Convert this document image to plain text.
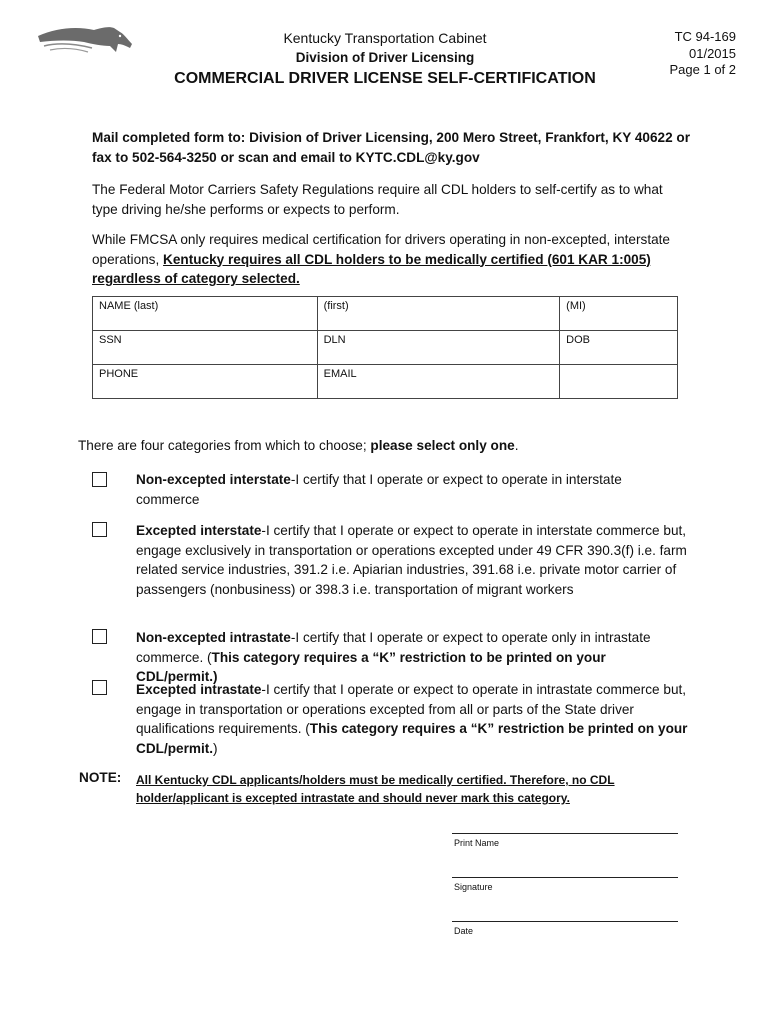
Kentucky Transportation Cabinet
Division of Driver Licensing
COMMERCIAL DRIVER LICENSE SELF-CERTIFICATION
TC 94-169
01/2015
Page 1 of 2
Mail completed form to: Division of Driver Licensing, 200 Mero Street, Frankfort, KY 40622 or fax to 502-564-3250 or scan and email to KYTC.CDL@ky.gov
The Federal Motor Carriers Safety Regulations require all CDL holders to self-certify as to what type driving he/she performs or expects to perform.
While FMCSA only requires medical certification for drivers operating in non-excepted, interstate operations, Kentucky requires all CDL holders to be medically certified (601 KAR 1:005) regardless of category selected.
NAME (last)	(first)	(MI)
SSN	DLN	DOB
PHONE	EMAIL	
There are four categories from which to choose; please select only one.
Non-excepted interstate-I certify that I operate or expect to operate in interstate commerce
Excepted interstate-I certify that I operate or expect to operate in interstate commerce but, engage exclusively in transportation or operations excepted under 49 CFR 390.3(f) i.e. farm related service industries, 391.2 i.e. Apiarian industries, 391.68 i.e. private motor carrier of passengers (nonbusiness) or 398.3 i.e. transportation of migrant workers
Non-excepted intrastate-I certify that I operate or expect to operate only in intrastate commerce. (This category requires a “K” restriction to be printed on your CDL/permit.)
Excepted intrastate-I certify that I operate or expect to operate in intrastate commerce but, engage in transportation or operations excepted from all or parts of the State driver qualifications requirements. (This category requires a “K” restriction be printed on your CDL/permit.)
NOTE: All Kentucky CDL applicants/holders must be medically certified. Therefore, no CDL holder/applicant is excepted intrastate and should never mark this category.
Print Name
Signature
Date
